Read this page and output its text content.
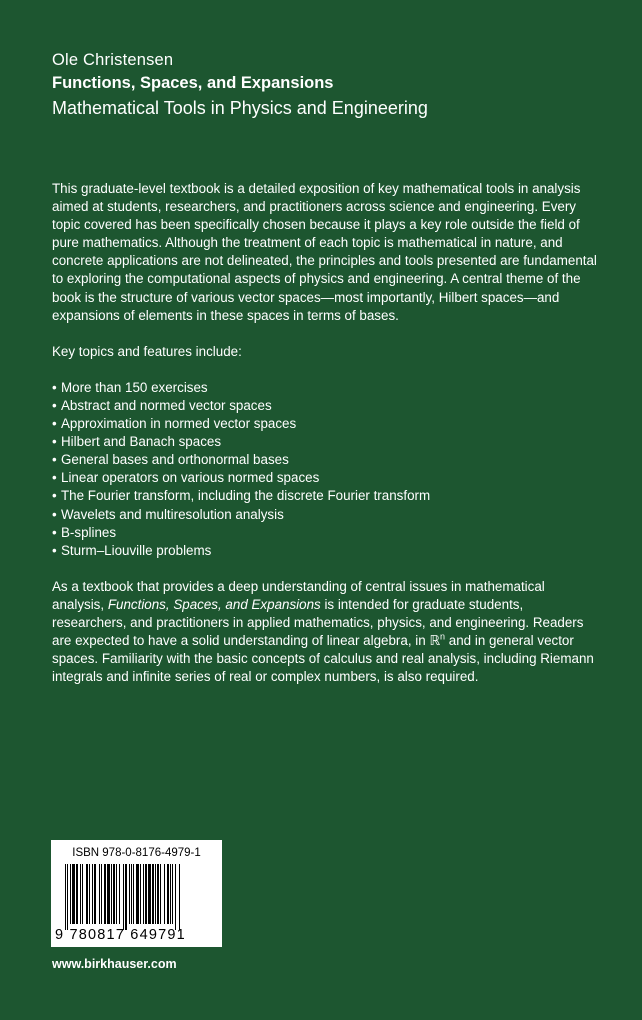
Ole Christensen
Functions, Spaces, and Expansions
Mathematical Tools in Physics and Engineering

This graduate-level textbook is a detailed exposition of key mathematical tools in analysis aimed at students, researchers, and practitioners across science and engineering. Every topic covered has been specifically chosen because it plays a key role outside the field of pure mathematics. Although the treatment of each topic is mathematical in nature, and concrete applications are not delineated, the principles and tools presented are fundamental to exploring the computational aspects of physics and engineering. A central theme of the book is the structure of various vector spaces—most importantly, Hilbert spaces—and expansions of elements in these spaces in terms of bases.

Key topics and features include:

• More than 150 exercises
• Abstract and normed vector spaces
• Approximation in normed vector spaces
• Hilbert and Banach spaces
• General bases and orthonormal bases
• Linear operators on various normed spaces
• The Fourier transform, including the discrete Fourier transform
• Wavelets and multiresolution analysis
• B-splines
• Sturm–Liouville problems

As a textbook that provides a deep understanding of central issues in mathematical analysis, Functions, Spaces, and Expansions is intended for graduate students, researchers, and practitioners in applied mathematics, physics, and engineering. Readers are expected to have a solid understanding of linear algebra, in ℝ$^n$ and in general vector spaces. Familiarity with the basic concepts of calculus and real analysis, including Riemann integrals and infinite series of real or complex numbers, is also required.

ISBN 978-0-8176-4979-1
9 780817 649791
www.birkhauser.com
